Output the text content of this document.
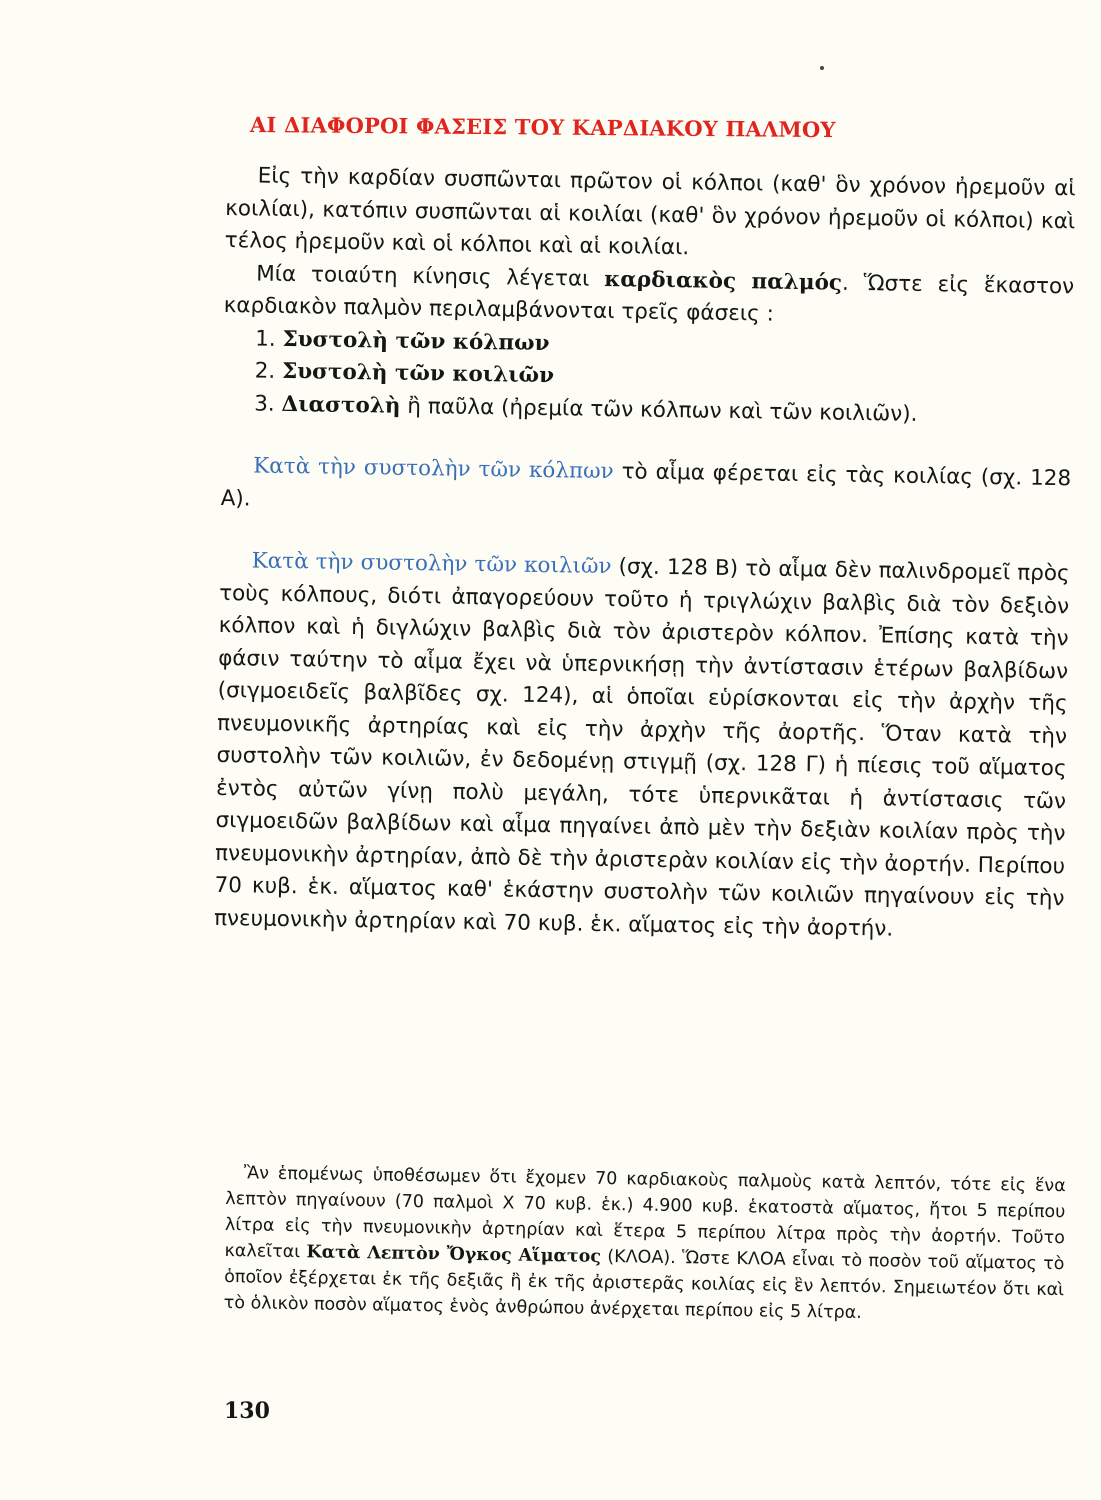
ΑΙ ΔΙΑΦΟΡΟΙ ΦΑΣΕΙΣ ΤΟΥ ΚΑΡΔΙΑΚΟΥ ΠΑΛΜΟΥ

Εἰς τὴν καρδίαν συσπῶνται πρῶτον οἱ κόλποι (καθ' ὃν χρόνον ἠρεμοῦν αἱ κοιλίαι), κατόπιν συσπῶνται αἱ κοιλίαι (καθ' ὃν χρόνον ἠρεμοῦν οἱ κόλποι) καὶ τέλος ἠρεμοῦν καὶ οἱ κόλποι καὶ αἱ κοιλίαι.

Μία τοιαύτη κίνησις λέγεται καρδιακὸς παλμός. Ὥστε εἰς ἕκαστον καρδιακὸν παλμὸν περιλαμβάνονται τρεῖς φάσεις :

1. Συστολὴ τῶν κόλπων

2. Συστολὴ τῶν κοιλιῶν

3. Διαστολὴ ἢ παῦλα (ἠρεμία τῶν κόλπων καὶ τῶν κοιλιῶν).

Κατὰ τὴν συστολὴν τῶν κόλπων τὸ αἷμα φέρεται εἰς τὰς κοιλίας (σχ. 128 Α).

Κατὰ τὴν συστολὴν τῶν κοιλιῶν (σχ. 128 Β) τὸ αἷμα δὲν παλινδρομεῖ πρὸς τοὺς κόλπους, διότι ἀπαγορεύουν τοῦτο ἡ τριγλώχιν βαλβὶς διὰ τὸν δεξιὸν κόλπον καὶ ἡ διγλώχιν βαλβὶς διὰ τὸν ἀριστερὸν κόλπον. Ἐπίσης κατὰ τὴν φάσιν ταύτην τὸ αἷμα ἔχει νὰ ὑπερνικήσῃ τὴν ἀντίστασιν ἑτέρων βαλβίδων (σιγμοειδεῖς βαλβῖδες σχ. 124), αἱ ὁποῖαι εὑρίσκονται εἰς τὴν ἀρχὴν τῆς πνευμονικῆς ἀρτηρίας καὶ εἰς τὴν ἀρχὴν τῆς ἀορτῆς. Ὅταν κατὰ τὴν συστολὴν τῶν κοιλιῶν, ἐν δεδομένῃ στιγμῇ (σχ. 128 Γ) ἡ πίεσις τοῦ αἵματος ἐντὸς αὐτῶν γίνῃ πολὺ μεγάλη, τότε ὑπερνικᾶται ἡ ἀντίστασις τῶν σιγμοειδῶν βαλβίδων καὶ αἷμα πηγαίνει ἀπὸ μὲν τὴν δεξιὰν κοιλίαν πρὸς τὴν πνευμονικὴν ἀρτηρίαν, ἀπὸ δὲ τὴν ἀριστερὰν κοιλίαν εἰς τὴν ἀορτήν. Περίπου 70 κυβ. ἑκ. αἵματος καθ' ἑκάστην συστολὴν τῶν κοιλιῶν πηγαίνουν εἰς τὴν πνευμονικὴν ἀρτηρίαν καὶ 70 κυβ. ἑκ. αἵματος εἰς τὴν ἀορτήν.

Ἂν ἑπομένως ὑποθέσωμεν ὅτι ἔχομεν 70 καρδιακοὺς παλμοὺς κατὰ λεπτόν, τότε εἰς ἕνα λεπτὸν πηγαίνουν (70 παλμοὶ X 70 κυβ. ἑκ.) 4.900 κυβ. ἑκατοστὰ αἵματος, ἤτοι 5 περίπου λίτρα εἰς τὴν πνευμονικὴν ἀρτηρίαν καὶ ἕτερα 5 περίπου λίτρα πρὸς τὴν ἀορτήν. Τοῦτο καλεῖται Κατὰ Λεπτὸν Ὄγκος Αἵματος (ΚΛΟΑ). Ὥστε ΚΛΟΑ εἶναι τὸ ποσὸν τοῦ αἵματος τὸ ὁποῖον ἐξέρχεται ἐκ τῆς δεξιᾶς ἢ ἐκ τῆς ἀριστερᾶς κοιλίας εἰς ἓν λεπτόν. Σημειωτέον ὅτι καὶ τὸ ὁλικὸν ποσὸν αἵματος ἑνὸς ἀνθρώπου ἀνέρχεται περίπου εἰς 5 λίτρα.

130
